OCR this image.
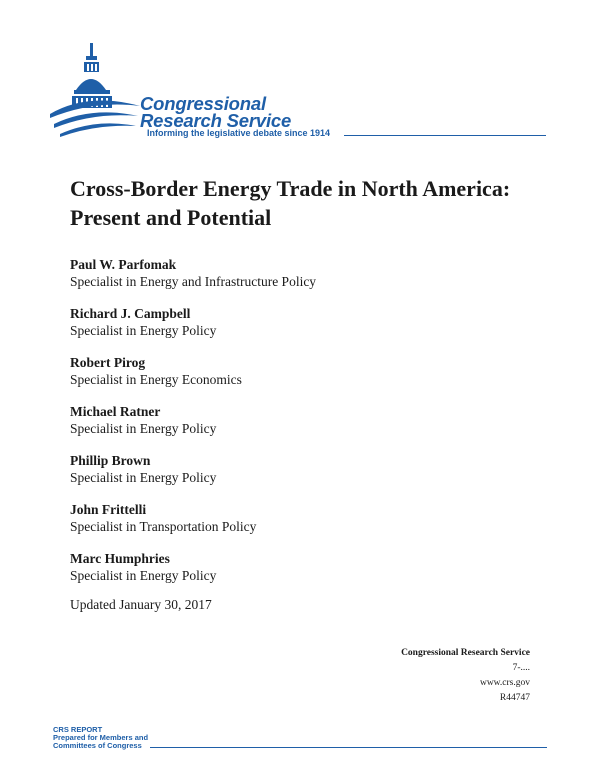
Congressional
Research Service
Informing the legislative debate since 1914
Cross-Border Energy Trade in North America:
Present and Potential
Paul W. Parfomak
Specialist in Energy and Infrastructure Policy
Richard J. Campbell
Specialist in Energy Policy
Robert Pirog
Specialist in Energy Economics
Michael Ratner
Specialist in Energy Policy
Phillip Brown
Specialist in Energy Policy
John Frittelli
Specialist in Transportation Policy
Marc Humphries
Specialist in Energy Policy
Updated January 30, 2017
Congressional Research Service
7-....
www.crs.gov
R44747
CRS REPORT
Prepared for Members and
Committees of Congress
